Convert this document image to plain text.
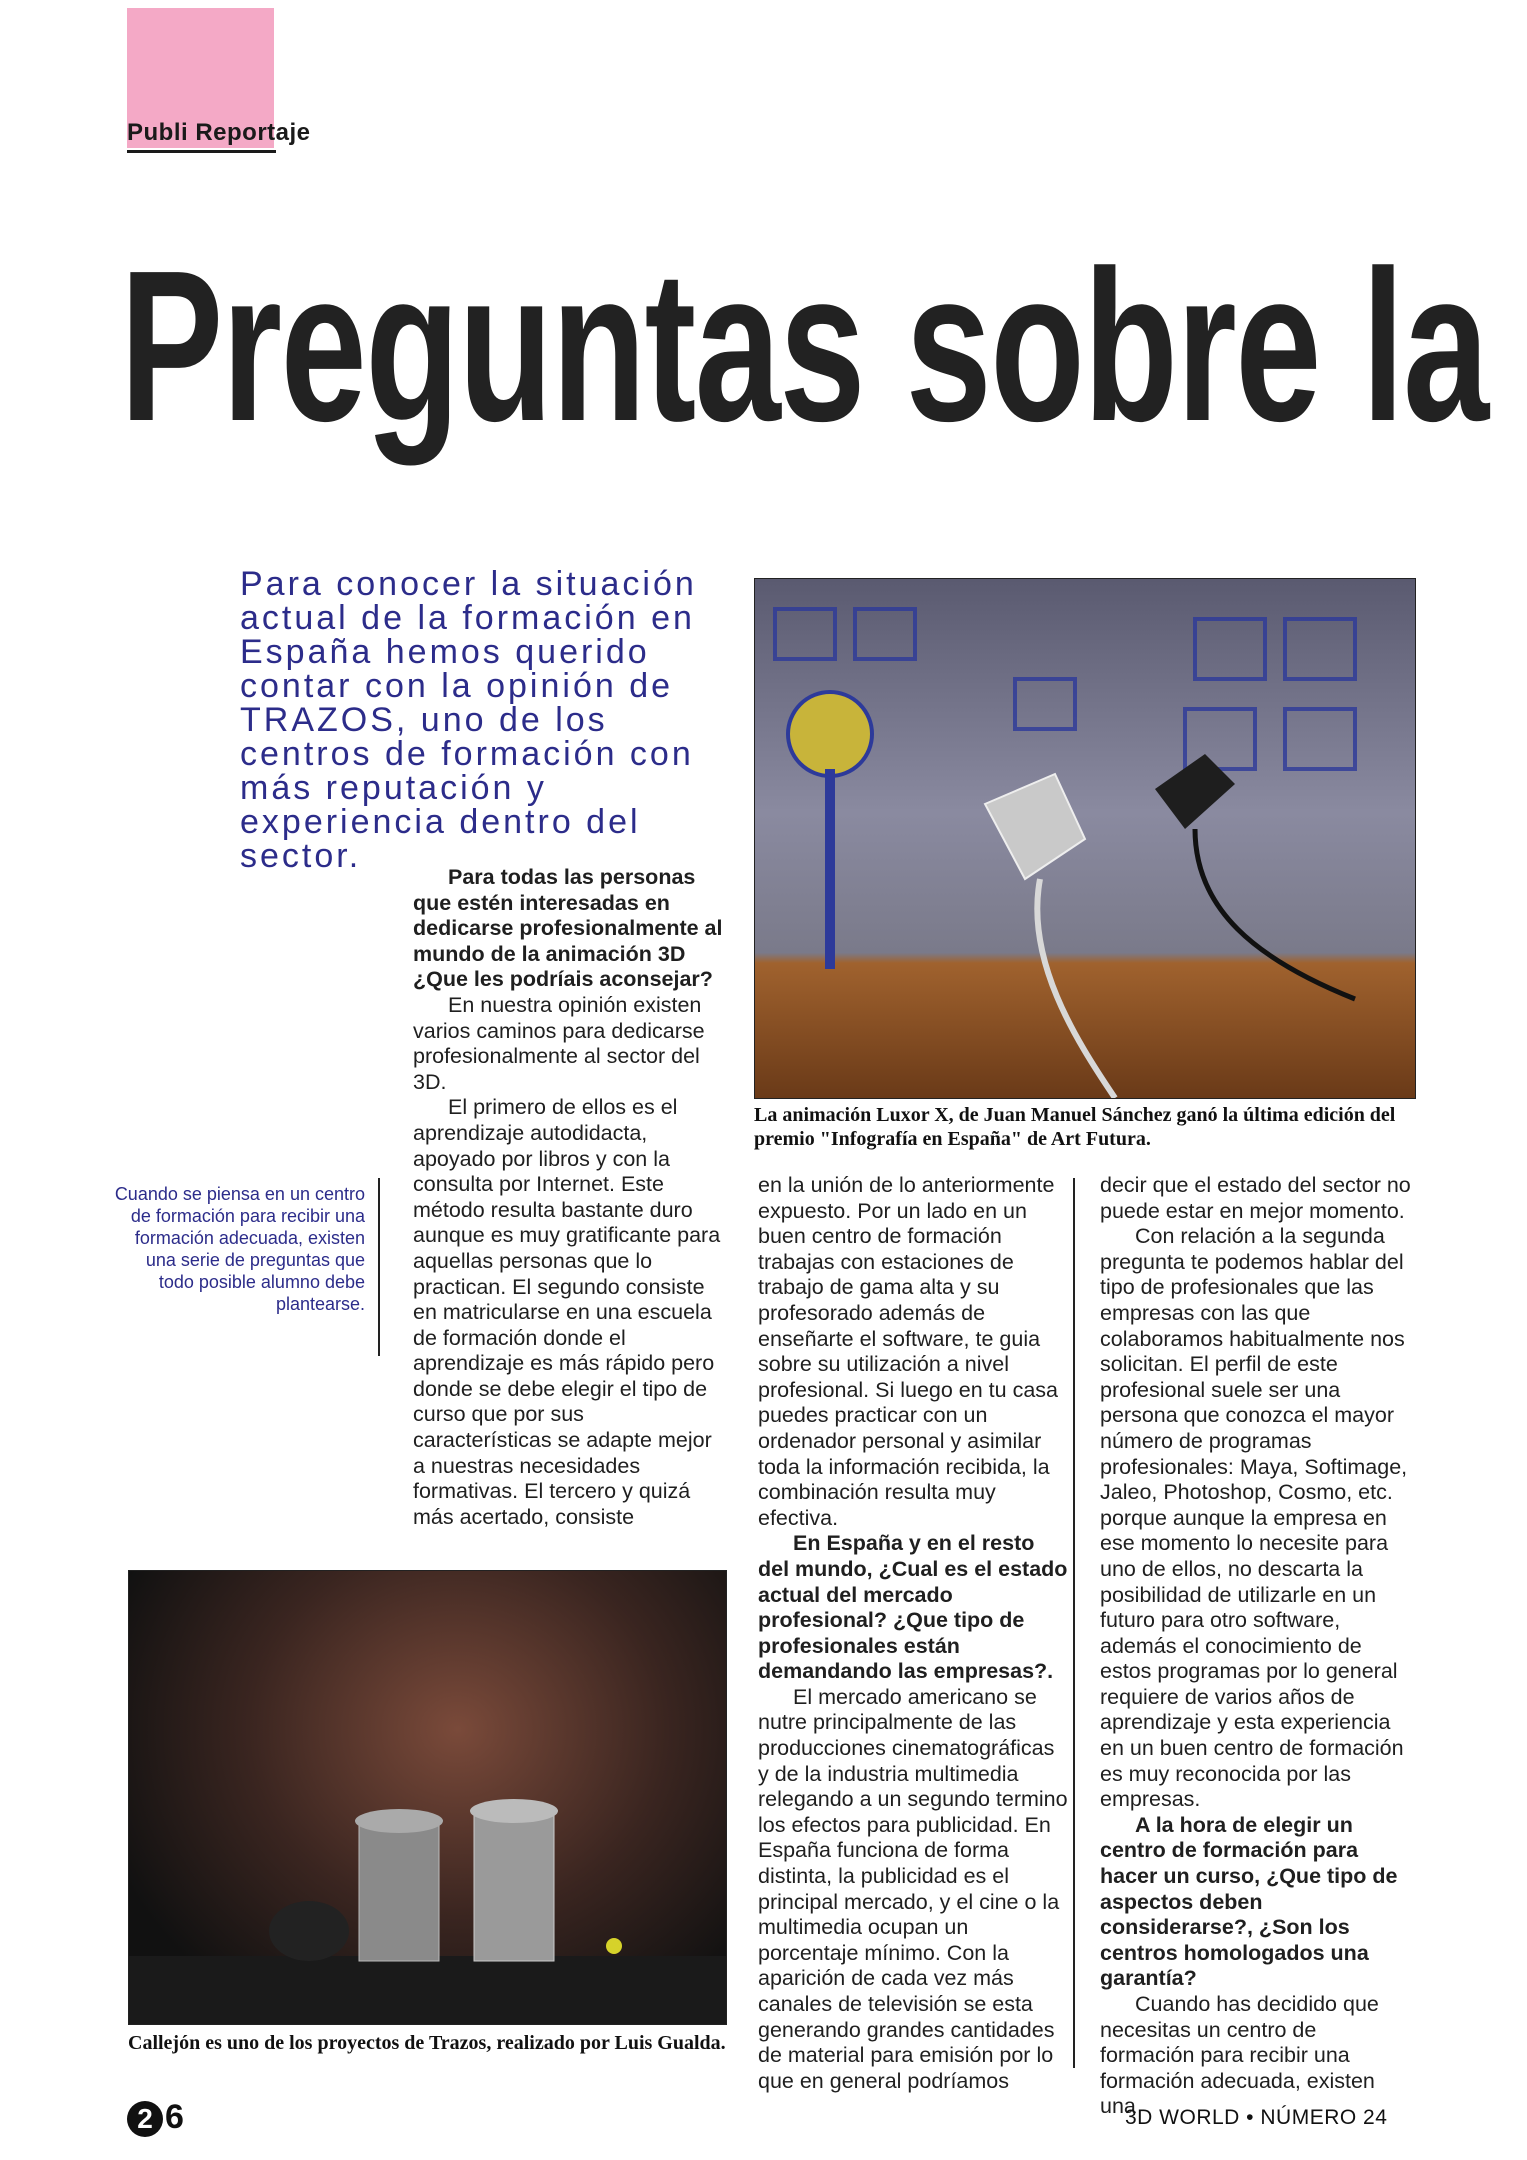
Publi Reportaje
Preguntas sobre la
Para conocer la situación actual de la formación en España hemos querido contar con la opinión de TRAZOS, uno de los centros de formación con más reputación y experiencia dentro del sector.
La animación Luxor X, de Juan Manuel Sánchez ganó la última edición del premio "Infografía en España" de Art Futura.
Callejón es uno de los proyectos de Trazos, realizado por Luis Gualda.
Cuando se piensa en un centro de formación para recibir una formación adecuada, existen una serie de preguntas que todo posible alumno debe plantearse.

Para todas las personas que estén interesadas en dedicarse profesionalmente al mundo de la animación 3D ¿Que les podríais aconsejar?

En nuestra opinión existen varios caminos para dedicarse profesionalmente al sector del 3D.

El primero de ellos es el aprendizaje autodidacta, apoyado por libros y con la consulta por Internet. Este método resulta bastante duro aunque es muy gratificante para aquellas personas que lo practican. El segundo consiste en matricularse en una escuela de formación donde el aprendizaje es más rápido pero donde se debe elegir el tipo de curso que por sus características se adapte mejor a nuestras necesidades formativas. El tercero y quizá más acertado, consiste

en la unión de lo anteriormente expuesto. Por un lado en un buen centro de formación trabajas con estaciones de trabajo de gama alta y su profesorado además de enseñarte el software, te guia sobre su utilización a nivel profesional. Si luego en tu casa puedes practicar con un ordenador personal y asimilar toda la información recibida, la combinación resulta muy efectiva.

En España y en el resto del mundo, ¿Cual es el estado actual del mercado profesional? ¿Que tipo de profesionales están demandando las empresas?.

El mercado americano se nutre principalmente de las producciones cinematográficas y de la industria multimedia relegando a un segundo termino los efectos para publicidad. En España funciona de forma distinta, la publicidad es el principal mercado, y el cine o la multimedia ocupan un porcentaje mínimo. Con la aparición de cada vez más canales de televisión se esta generando grandes cantidades de material para emisión por lo que en general podríamos

decir que el estado del sector no puede estar en mejor momento.

Con relación a la segunda pregunta te podemos hablar del tipo de profesionales que las empresas con las que colaboramos habitualmente nos solicitan. El perfil de este profesional suele ser una persona que conozca el mayor número de programas profesionales: Maya, Softimage, Jaleo, Photoshop, Cosmo, etc. porque aunque la empresa en ese momento lo necesite para uno de ellos, no descarta la posibilidad de utilizarle en un futuro para otro software, además el conocimiento de estos programas por lo general requiere de varios años de aprendizaje y esta experiencia en un buen centro de formación es muy reconocida por las empresas.

A la hora de elegir un centro de formación para hacer un curso, ¿Que tipo de aspectos deben considerarse?, ¿Son los centros homologados una garantía?

Cuando has decidido que necesitas un centro de formación para recibir una formación adecuada, existen una

2 6	3D WORLD • NÚMERO 24
